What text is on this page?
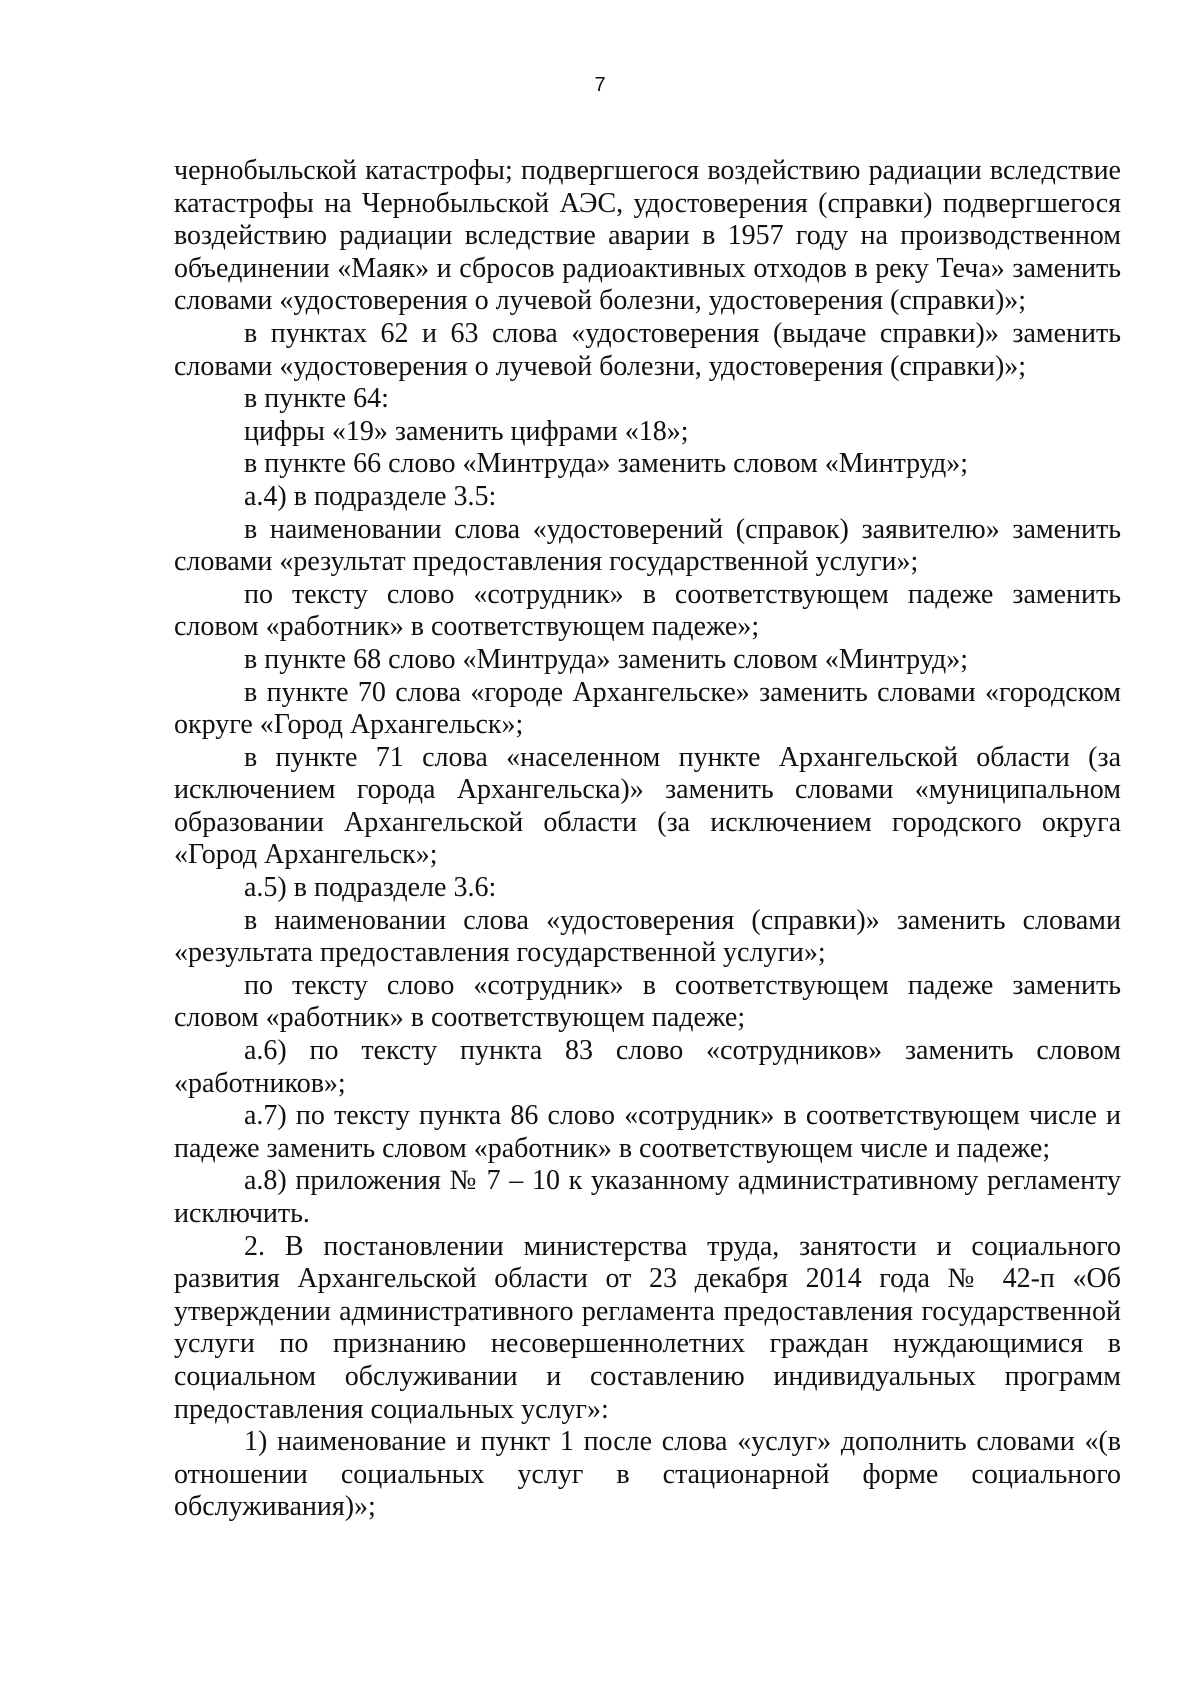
7

чернобыльской катастрофы; подвергшегося воздействию радиации вследствие катастрофы на Чернобыльской АЭС, удостоверения (справки) подвергшегося воздействию радиации вследствие аварии в 1957 году на производственном объединении «Маяк» и сбросов радиоактивных отходов в реку Теча» заменить словами «удостоверения о лучевой болезни, удостоверения (справки)»;

в пунктах 62 и 63 слова «удостоверения (выдаче справки)» заменить словами «удостоверения о лучевой болезни, удостоверения (справки)»;

в пункте 64:

цифры «19» заменить цифрами «18»;

в пункте 66 слово «Минтруда» заменить словом «Минтруд»;

а.4) в подразделе 3.5:

в наименовании слова «удостоверений (справок) заявителю» заменить словами «результат предоставления государственной услуги»;

по тексту слово «сотрудник» в соответствующем падеже заменить словом «работник» в соответствующем падеже»;

в пункте 68 слово «Минтруда» заменить словом «Минтруд»;

в пункте 70 слова «городе Архангельске» заменить словами «городском округе «Город Архангельск»;

в пункте 71 слова «населенном пункте Архангельской области (за исключением города Архангельска)» заменить словами «муниципальном образовании Архангельской области (за исключением городского округа «Город Архангельск»;

а.5) в подразделе 3.6:

в наименовании слова «удостоверения (справки)» заменить словами «результата предоставления государственной услуги»;

по тексту слово «сотрудник» в соответствующем падеже заменить словом «работник» в соответствующем падеже;

а.6) по тексту пункта 83 слово «сотрудников» заменить словом «работников»;

а.7) по тексту пункта 86 слово «сотрудник» в соответствующем числе и падеже заменить словом «работник» в соответствующем числе и падеже;

а.8) приложения № 7 – 10 к указанному административному регламенту исключить.

2. В постановлении министерства труда, занятости и социального развития Архангельской области от 23 декабря 2014 года № 42-п «Об утверждении административного регламента предоставления государственной услуги по признанию несовершеннолетних граждан нуждающимися в социальном обслуживании и составлению индивидуальных программ предоставления социальных услуг»:

1) наименование и пункт 1 после слова «услуг» дополнить словами «(в отношении социальных услуг в стационарной форме социального обслуживания)»;
